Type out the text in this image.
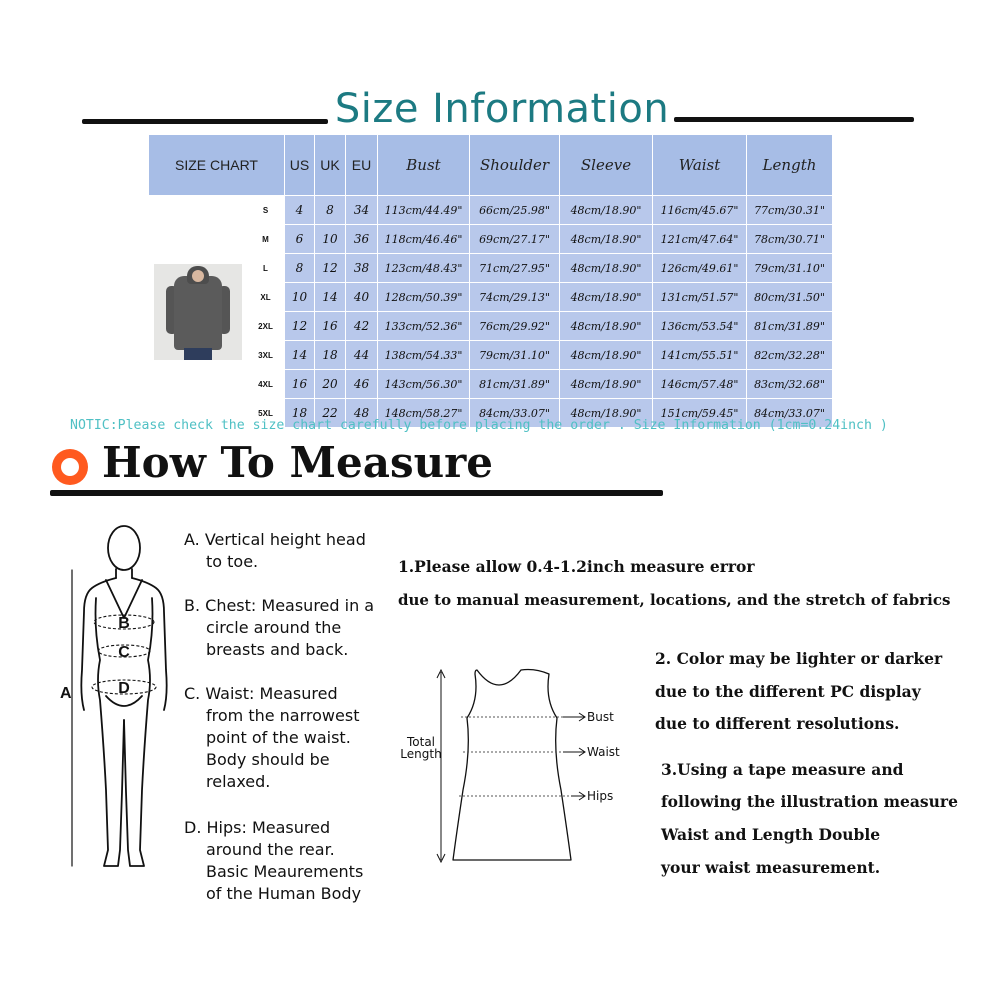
Size Information
SIZE CHART		US	UK	EU	Bust	Shoulder	Sleeve	Waist	Length

	S	4	8	34	113cm/44.49"	66cm/25.98"	48cm/18.90"	116cm/45.67"	77cm/30.31"
	M	6	10	36	118cm/46.46"	69cm/27.17"	48cm/18.90"	121cm/47.64"	78cm/30.71"
	L	8	12	38	123cm/48.43"	71cm/27.95"	48cm/18.90"	126cm/49.61"	79cm/31.10"
	XL	10	14	40	128cm/50.39"	74cm/29.13"	48cm/18.90"	131cm/51.57"	80cm/31.50"
	2XL	12	16	42	133cm/52.36"	76cm/29.92"	48cm/18.90"	136cm/53.54"	81cm/31.89"
	3XL	14	18	44	138cm/54.33"	79cm/31.10"	48cm/18.90"	141cm/55.51"	82cm/32.28"
	4XL	16	20	46	143cm/56.30"	81cm/31.89"	48cm/18.90"	146cm/57.48"	83cm/32.68"
	5XL	18	22	48	148cm/58.27"	84cm/33.07"	48cm/18.90"	151cm/59.45"	84cm/33.07"
NOTIC:Please check the size chart carefully before placing the order . Size Information (1cm=0.24inch )
How To Measure
A
B
C
D
A. Vertical height head
to toe.
B. Chest: Measured in a
circle around the
breasts and back.
C. Waist: Measured
from the narrowest
point of the waist.
Body should be
relaxed.
D. Hips: Measured
around the rear.
Basic Meaurements
of the Human Body
1.Please allow 0.4-1.2inch measure error
due to manual measurement, locations, and the stretch of fabrics
2. Color may be lighter or darker
due to the different PC display
due to different resolutions.
3.Using a tape measure and
following the illustration measure
Waist and Length Double
your waist measurement.
Bust
Waist
Hips
Total
Length
